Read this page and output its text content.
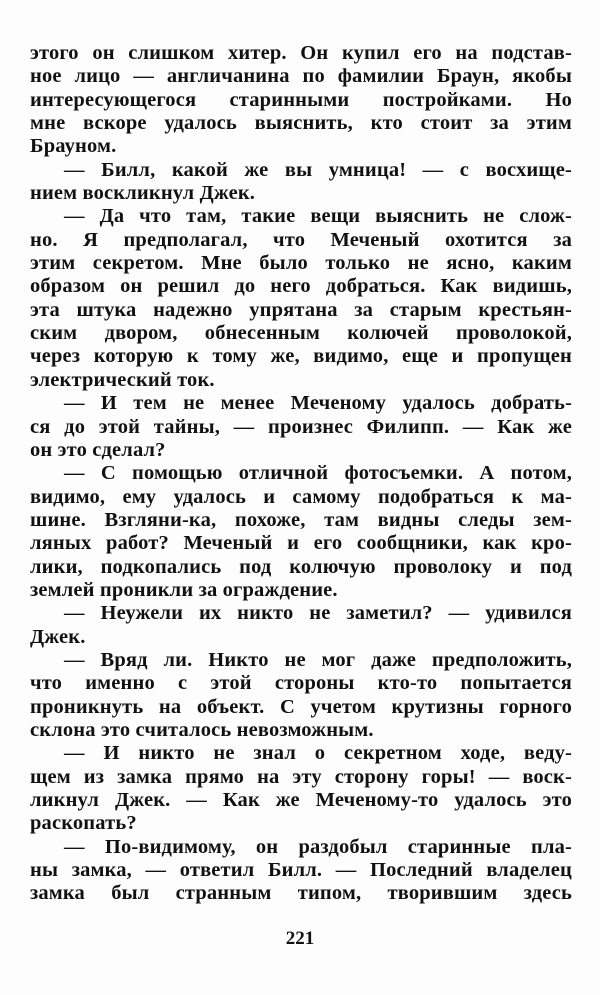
этого он слишком хитер. Он купил его на подстав-
ное лицо — англичанина по фамилии Браун, якобы
интересующегося старинными постройками. Но
мне вскоре удалось выяснить, кто стоит за этим
Брауном.
— Билл, какой же вы умница! — с восхище-
нием воскликнул Джек.
— Да что там, такие вещи выяснить не слож-
но. Я предполагал, что Меченый охотится за
этим секретом. Мне было только не ясно, каким
образом он решил до него добраться. Как видишь,
эта штука надежно упрятана за старым крестьян-
ским двором, обнесенным колючей проволокой,
через которую к тому же, видимо, еще и пропущен
электрический ток.
— И тем не менее Меченому удалось добрать-
ся до этой тайны, — произнес Филипп. — Как же
он это сделал?
— С помощью отличной фотосъемки. А потом,
видимо, ему удалось и самому подобраться к ма-
шине. Взгляни-ка, похоже, там видны следы зем-
ляных работ? Меченый и его сообщники, как кро-
лики, подкопались под колючую проволоку и под
землей проникли за ограждение.
— Неужели их никто не заметил? — удивился
Джек.
— Вряд ли. Никто не мог даже предположить,
что именно с этой стороны кто-то попытается
проникнуть на объект. С учетом крутизны горного
склона это считалось невозможным.
— И никто не знал о секретном ходе, веду-
щем из замка прямо на эту сторону горы! — воск-
ликнул Джек. — Как же Меченому-то удалось это
раскопать?
— По-видимому, он раздобыл старинные пла-
ны замка, — ответил Билл. — Последний владелец
замка был странным типом, творившим здесь
221
